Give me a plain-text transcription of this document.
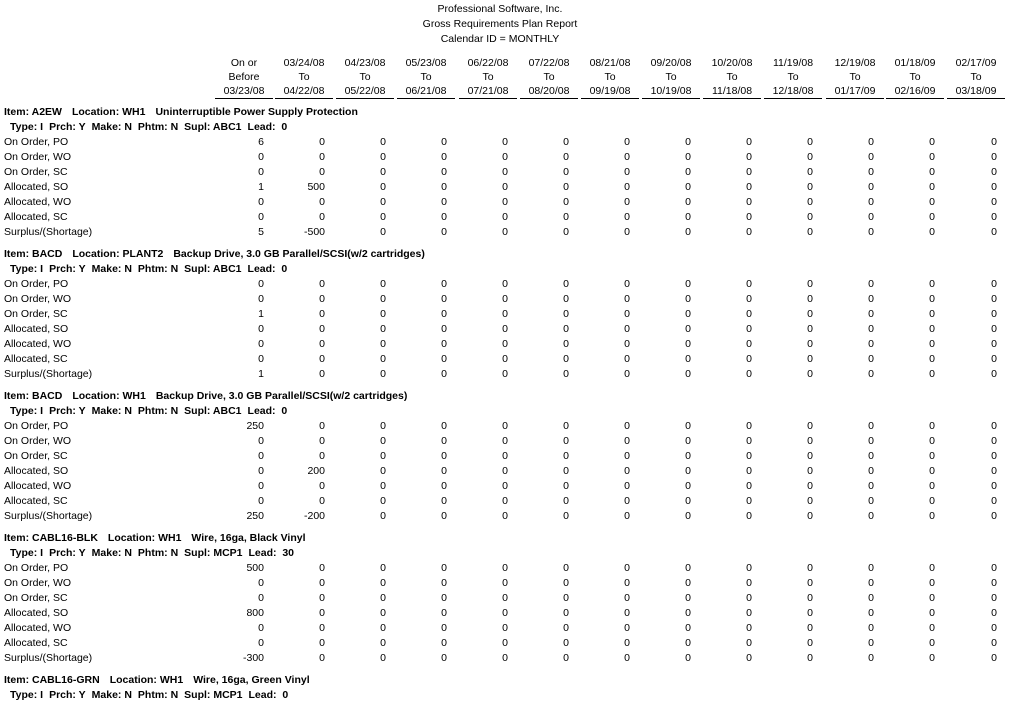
Professional Software, Inc.
Gross Requirements Plan Report
Calendar ID = MONTHLY
On or
Before
03/23/08
03/24/08
To
04/22/08
04/23/08
To
05/22/08
05/23/08
To
06/21/08
06/22/08
To
07/21/08
07/22/08
To
08/20/08
08/21/08
To
09/19/08
09/20/08
To
10/19/08
10/20/08
To
11/18/08
11/19/08
To
12/18/08
12/19/08
To
01/17/09
01/18/09
To
02/16/09
02/17/09
To
03/18/09
Item: A2EW Location: WH1 Uninterruptible Power Supply Protection
Type: I Prch: Y Make: N Phtm: N Supl: ABC1 Lead:  0
On Order, PO	6	0	0	0	0	0	0	0	0	0	0	0	0
On Order, WO	0	0	0	0	0	0	0	0	0	0	0	0	0
On Order, SC	0	0	0	0	0	0	0	0	0	0	0	0	0
Allocated, SO	1	500	0	0	0	0	0	0	0	0	0	0	0
Allocated, WO	0	0	0	0	0	0	0	0	0	0	0	0	0
Allocated, SC	0	0	0	0	0	0	0	0	0	0	0	0	0
Surplus/(Shortage)	5	-500	0	0	0	0	0	0	0	0	0	0	0
Item: BACD Location: PLANT2 Backup Drive, 3.0 GB Parallel/SCSI(w/2 cartridges)
Type: I Prch: Y Make: N Phtm: N Supl: ABC1 Lead:  0
On Order, PO	0	0	0	0	0	0	0	0	0	0	0	0	0
On Order, WO	0	0	0	0	0	0	0	0	0	0	0	0	0
On Order, SC	1	0	0	0	0	0	0	0	0	0	0	0	0
Allocated, SO	0	0	0	0	0	0	0	0	0	0	0	0	0
Allocated, WO	0	0	0	0	0	0	0	0	0	0	0	0	0
Allocated, SC	0	0	0	0	0	0	0	0	0	0	0	0	0
Surplus/(Shortage)	1	0	0	0	0	0	0	0	0	0	0	0	0
Item: BACD Location: WH1 Backup Drive, 3.0 GB Parallel/SCSI(w/2 cartridges)
Type: I Prch: Y Make: N Phtm: N Supl: ABC1 Lead:  0
On Order, PO	250	0	0	0	0	0	0	0	0	0	0	0	0
On Order, WO	0	0	0	0	0	0	0	0	0	0	0	0	0
On Order, SC	0	0	0	0	0	0	0	0	0	0	0	0	0
Allocated, SO	0	200	0	0	0	0	0	0	0	0	0	0	0
Allocated, WO	0	0	0	0	0	0	0	0	0	0	0	0	0
Allocated, SC	0	0	0	0	0	0	0	0	0	0	0	0	0
Surplus/(Shortage)	250	-200	0	0	0	0	0	0	0	0	0	0	0
Item: CABL16-BLK Location: WH1 Wire, 16ga, Black Vinyl
Type: I Prch: Y Make: N Phtm: N Supl: MCP1 Lead:  30
On Order, PO	500	0	0	0	0	0	0	0	0	0	0	0	0
On Order, WO	0	0	0	0	0	0	0	0	0	0	0	0	0
On Order, SC	0	0	0	0	0	0	0	0	0	0	0	0	0
Allocated, SO	800	0	0	0	0	0	0	0	0	0	0	0	0
Allocated, WO	0	0	0	0	0	0	0	0	0	0	0	0	0
Allocated, SC	0	0	0	0	0	0	0	0	0	0	0	0	0
Surplus/(Shortage)	-300	0	0	0	0	0	0	0	0	0	0	0	0
Item: CABL16-GRN Location: WH1 Wire, 16ga, Green Vinyl
Type: I Prch: Y Make: N Phtm: N Supl: MCP1 Lead:  0
